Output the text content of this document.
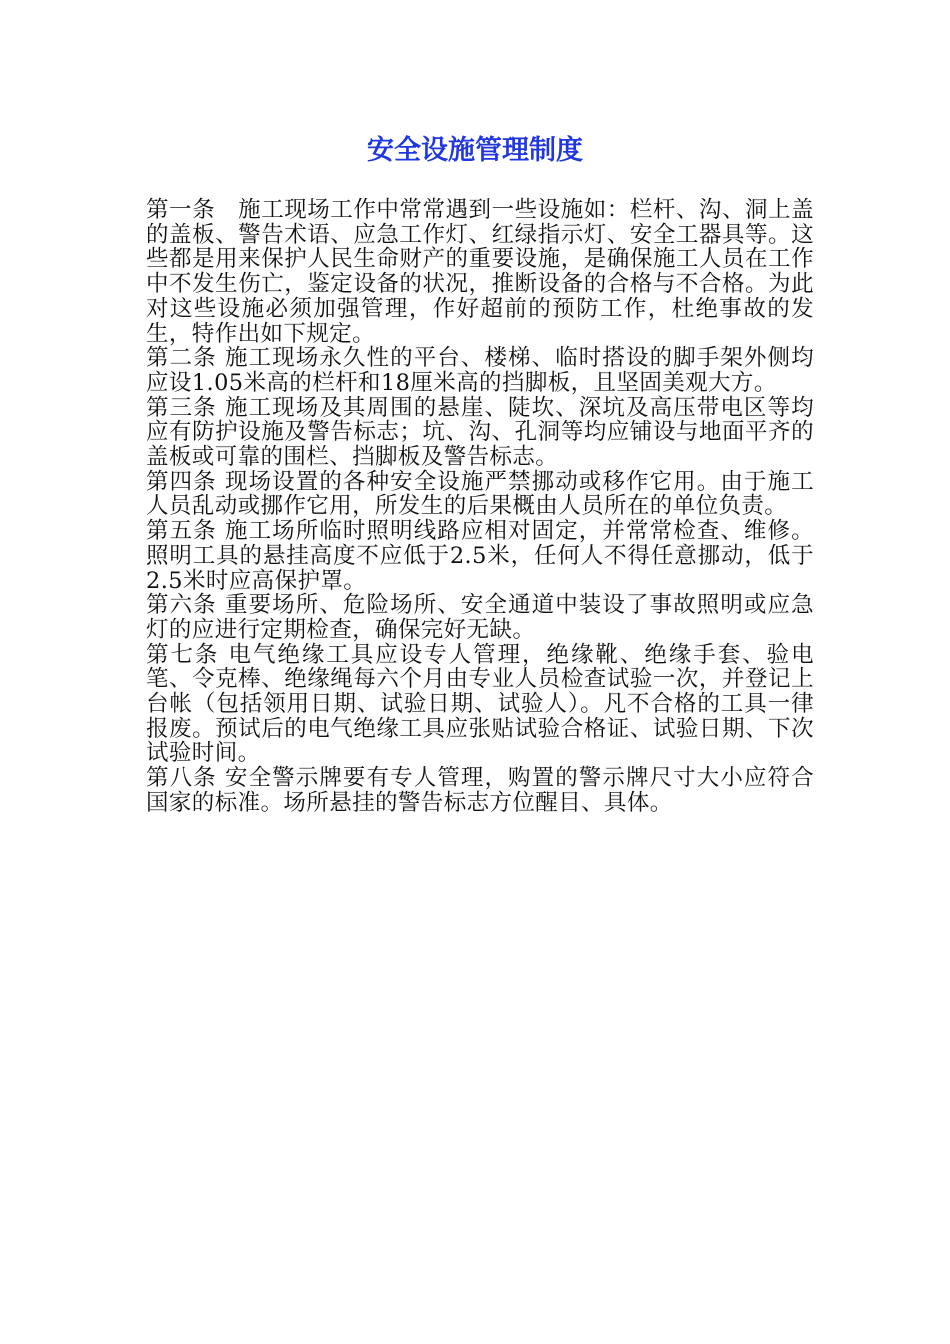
安全设施管理制度

第一条　施工现场工作中常常遇到一些设施如：栏杆、沟、洞上盖的盖板、警告术语、应急工作灯、红绿指示灯、安全工器具等。这些都是用来保护人民生命财产的重要设施，是确保施工人员在工作中不发生伤亡，鉴定设备的状况，推断设备的合格与不合格。为此对这些设施必须加强管理，作好超前的预防工作，杜绝事故的发生，特作出如下规定。

第二条 施工现场永久性的平台、楼梯、临时搭设的脚手架外侧均应设1.05米高的栏杆和18厘米高的挡脚板，且坚固美观大方。

第三条 施工现场及其周围的悬崖、陡坎、深坑及高压带电区等均应有防护设施及警告标志；坑、沟、孔洞等均应铺设与地面平齐的盖板或可靠的围栏、挡脚板及警告标志。

第四条 现场设置的各种安全设施严禁挪动或移作它用。由于施工人员乱动或挪作它用，所发生的后果概由人员所在的单位负责。

第五条 施工场所临时照明线路应相对固定，并常常检查、维修。照明工具的悬挂高度不应低于2.5米，任何人不得任意挪动，低于2.5米时应高保护罩。

第六条 重要场所、危险场所、安全通道中装设了事故照明或应急灯的应进行定期检查，确保完好无缺。

第七条 电气绝缘工具应设专人管理，绝缘靴、绝缘手套、验电笔、令克棒、绝缘绳每六个月由专业人员检查试验一次，并登记上台帐（包括领用日期、试验日期、试验人）。凡不合格的工具一律报废。预试后的电气绝缘工具应张贴试验合格证、试验日期、下次试验时间。

第八条 安全警示牌要有专人管理，购置的警示牌尺寸大小应符合国家的标准。场所悬挂的警告标志方位醒目、具体。
